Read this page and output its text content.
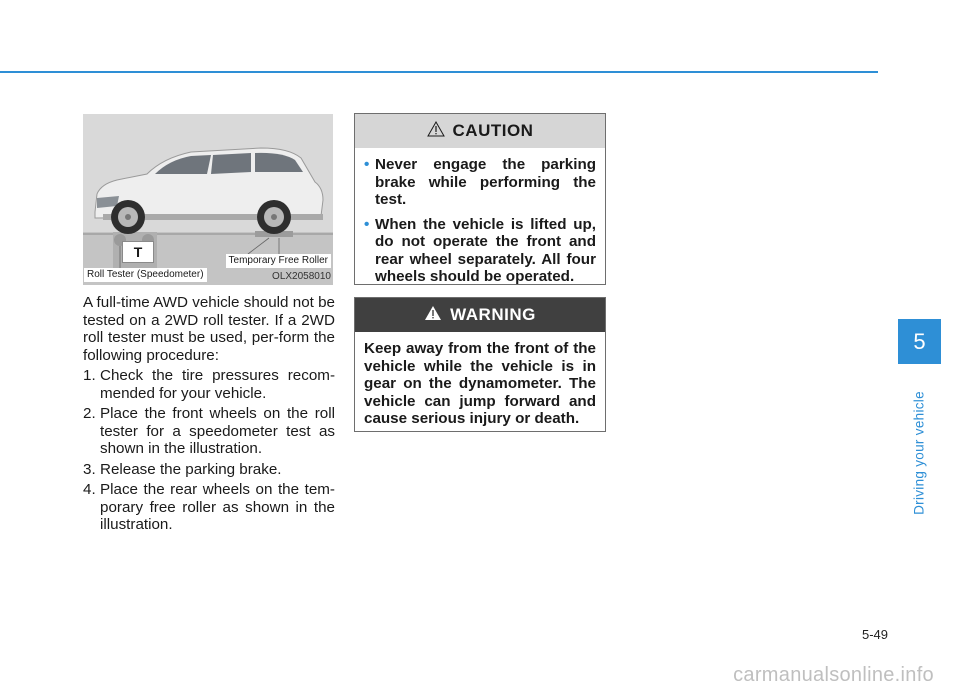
T
Roll Tester (Speedometer)
Temporary Free Roller
OLX2058010

A full-time AWD vehicle should not be tested on a 2WD roll tester. If a 2WD roll tester must be used, per-form the following procedure:

1. Check the tire pressures recom-mended for your vehicle.
2. Place the front wheels on the roll tester for a speedometer test as shown in the illustration.
3. Release the parking brake.
4. Place the rear wheels on the tem-porary free roller as shown in the illustration.
CAUTION
• Never engage the parking brake while performing the test.
• When the vehicle is lifted up, do not operate the front and rear wheel separately. All four wheels should be operated.
WARNING

Keep away from the front of the vehicle while the vehicle is in gear on the dynamometer. The vehicle can jump forward and cause serious injury or death.

5
Driving your vehicle
5-49
carmanualsonline.info
